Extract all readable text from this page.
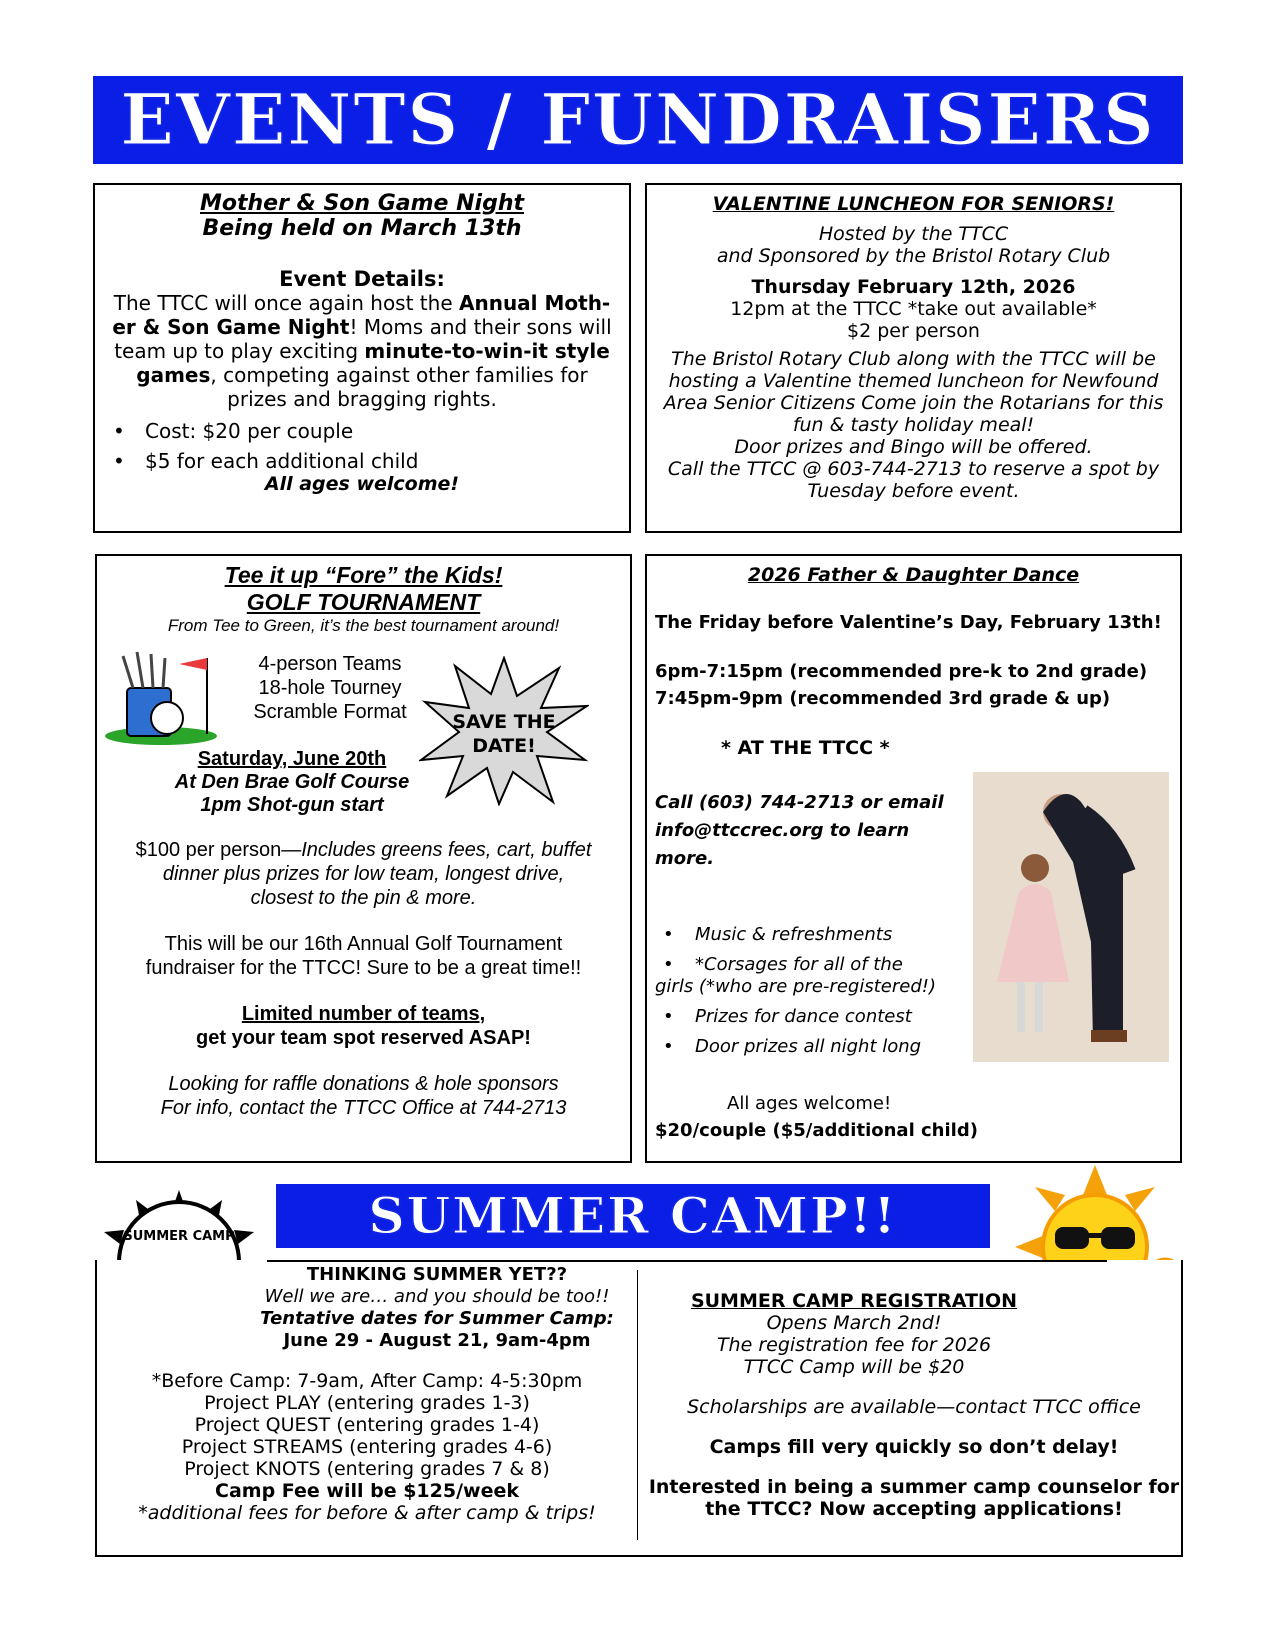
EVENTS / FUNDRAISERS

Mother & Son Game Night

Being held on March 13th

Event Details:

The TTCC will once again host the Annual Moth-er & Son Game Night! Moms and their sons will team up to play exciting minute-to-win-it style games, competing against other families for prizes and bragging rights.

• Cost: $20 per couple

• $5 for each additional child

All ages welcome!

VALENTINE LUNCHEON FOR SENIORS!

Hosted by the TTCC

and Sponsored by the Bristol Rotary Club

Thursday February 12th, 2026

12pm at the TTCC *take out available*

$2 per person

The Bristol Rotary Club along with the TTCC will be

hosting a Valentine themed luncheon for Newfound

Area Senior Citizens Come join the Rotarians for this

fun & tasty holiday meal!

Door prizes and Bingo will be offered.

Call the TTCC @ 603-744-2713 to reserve a spot by

Tuesday before event.

Tee it up “Fore” the Kids!

GOLF TOURNAMENT

From Tee to Green, it’s the best tournament around!

4-person Teams

18-hole Tourney

Scramble Format	SAVE THE
DATE!

Saturday, June 20th

At Den Brae Golf Course

1pm Shot-gun start

$100 per person—Includes greens fees, cart, buffet

dinner plus prizes for low team, longest drive,

closest to the pin & more.

This will be our 16th Annual Golf Tournament

fundraiser for the TTCC! Sure to be a great time!!

Limited number of teams,

get your team spot reserved ASAP!

Looking for raffle donations & hole sponsors

For info, contact the TTCC Office at 744-2713

2026 Father & Daughter Dance

The Friday before Valentine’s Day, February 13th!

6pm-7:15pm (recommended pre-k to 2nd grade)

7:45pm-9pm (recommended 3rd grade & up)

* AT THE TTCC *

Call (603) 744-2713 or email

info@ttccrec.org to learn

more.

• Music & refreshments

• *Corsages for all of the

girls (*who are pre-registered!)

• Prizes for dance contest

• Door prizes all night long

All ages welcome!

$20/couple ($5/additional child)

SUMMER CAMP!!
SUMMER CAMP

THINKING SUMMER YET??

Well we are… and you should be too!!

Tentative dates for Summer Camp:

June 29 - August 21, 9am-4pm

*Before Camp: 7-9am, After Camp: 4-5:30pm

Project PLAY (entering grades 1-3)

Project QUEST (entering grades 1-4)

Project STREAMS (entering grades 4-6)

Project KNOTS (entering grades 7 & 8)

Camp Fee will be $125/week

*additional fees for before & after camp & trips!

SUMMER CAMP REGISTRATION

Opens March 2nd!

The registration fee for 2026

TTCC Camp will be $20

Scholarships are available—contact TTCC office

Camps fill very quickly so don’t delay!

Interested in being a summer camp counselor for

the TTCC? Now accepting applications!
